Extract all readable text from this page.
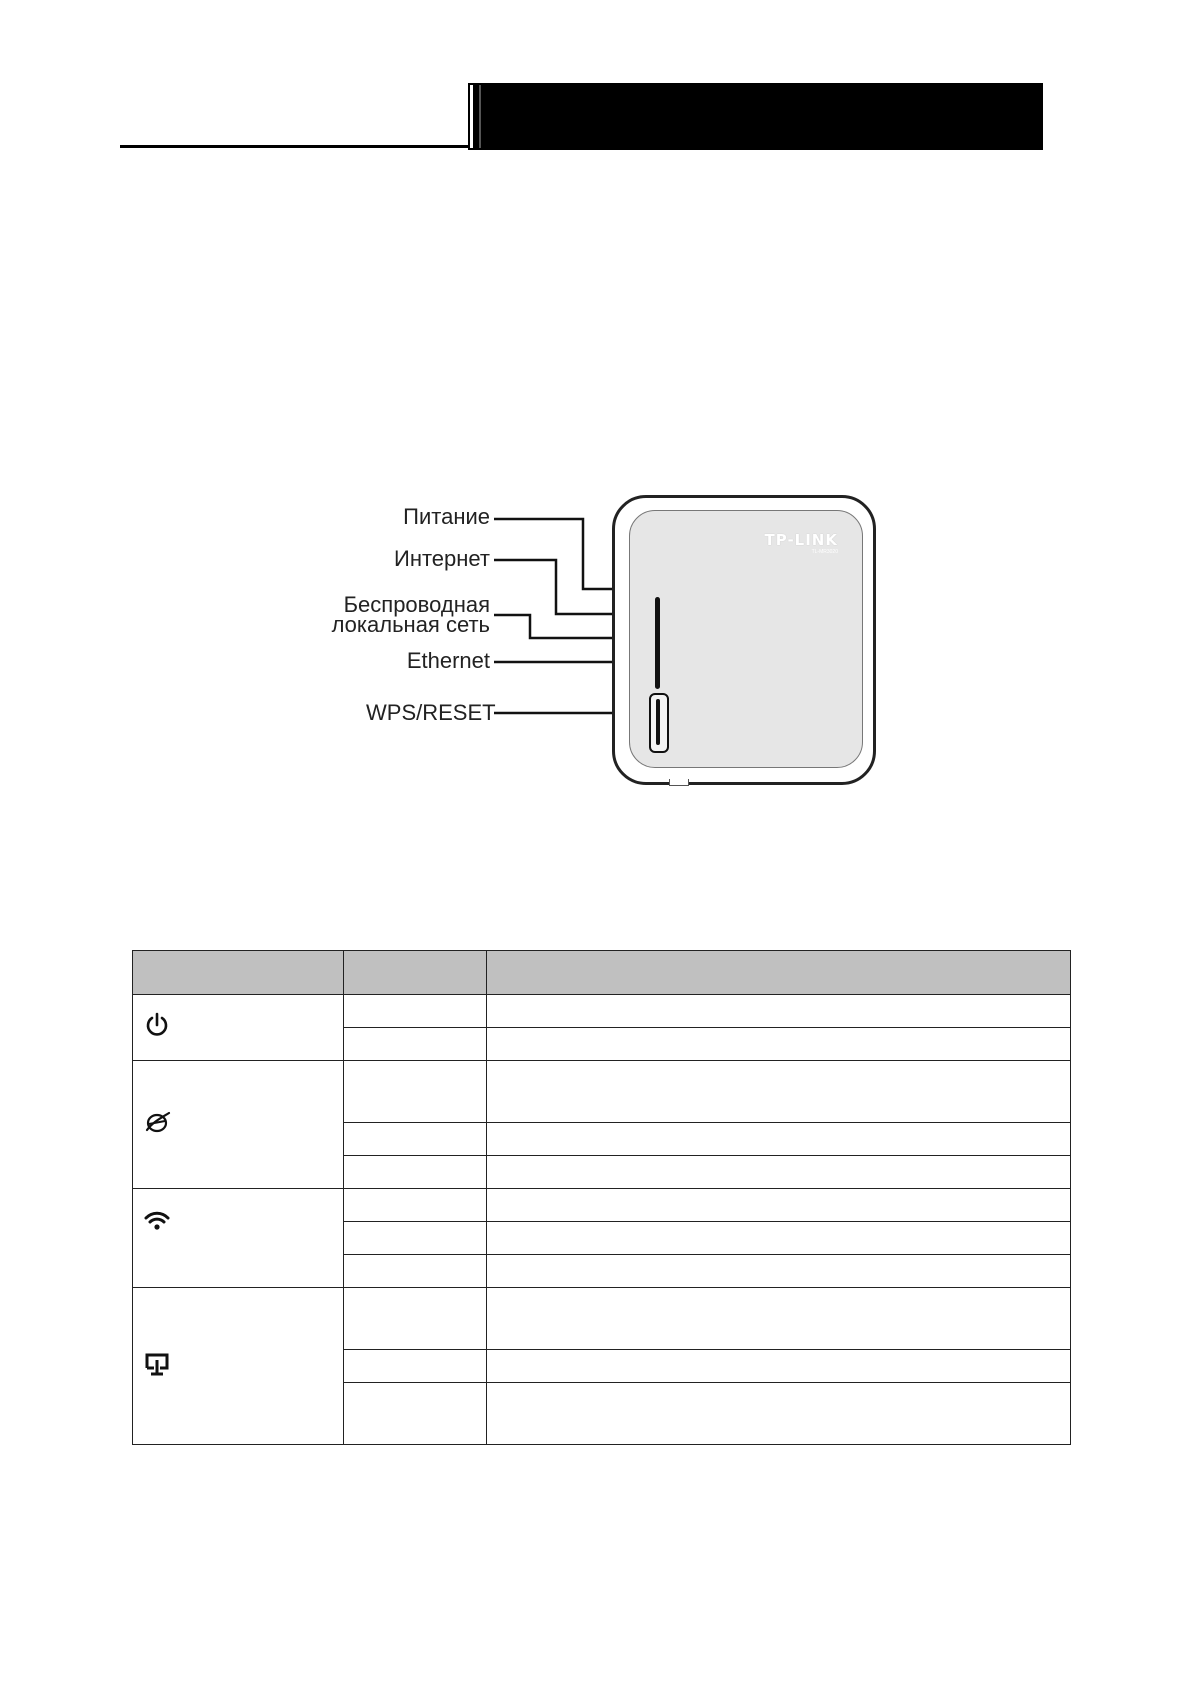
Питание
Интернет
Беспроводная
локальная сеть
Ethernet
WPS/RESET
TP-LINK
TL-MR3020
